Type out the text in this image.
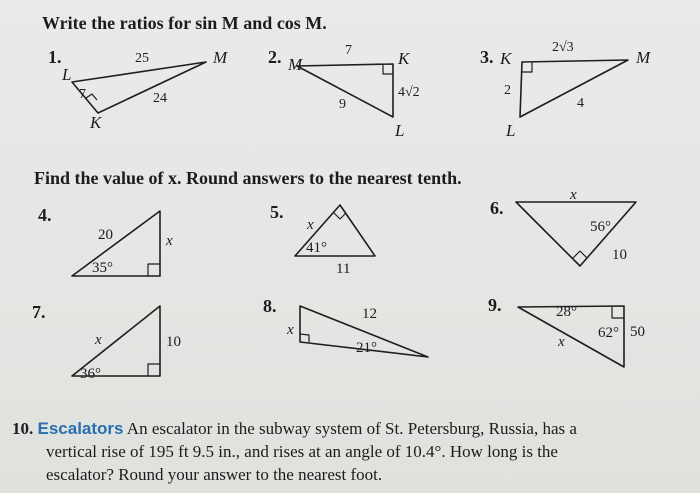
Write the ratios for sin M and cos M.
1.
L
M
K
25
7	24
2. M	K
L
7
4√2
9
3. K	M
L
2√3
2
4
Find the value of x. Round answers to the nearest tenth.
4.
20	x
35°
5.
x
41°
11
6.
x
56°
10
7.
x	10
36°
8.	12
x
21°
9.	28°
x
62° 50
10. Escalators An escalator in the subway system of St. Petersburg, Russia, has a
vertical rise of 195 ft 9.5 in., and rises at an angle of 10.4°. How long is the
escalator? Round your answer to the nearest foot.
